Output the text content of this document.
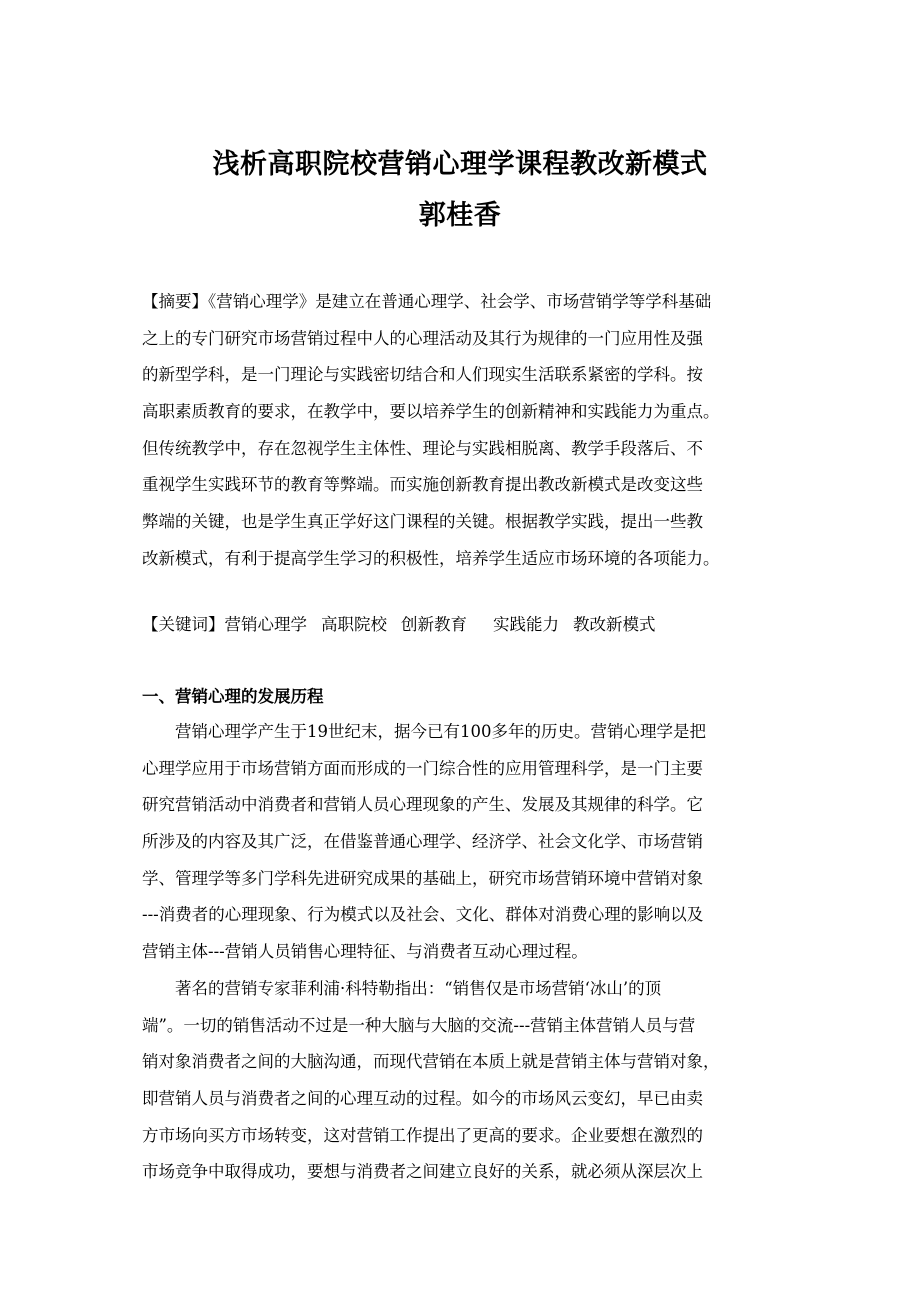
浅析高职院校营销心理学课程教改新模式
郭桂香
【摘要】《营销心理学》是建立在普通心理学、社会学、市场营销学等学科基础
之上的专门研究市场营销过程中人的心理活动及其行为规律的一门应用性及强
的新型学科，是一门理论与实践密切结合和人们现实生活联系紧密的学科。按
高职素质教育的要求，在教学中，要以培养学生的创新精神和实践能力为重点。
但传统教学中，存在忽视学生主体性、理论与实践相脱离、教学手段落后、不
重视学生实践环节的教育等弊端。而实施创新教育提出教改新模式是改变这些
弊端的关键，也是学生真正学好这门课程的关键。根据教学实践，提出一些教
改新模式，有利于提高学生学习的积极性，培养学生适应市场环境的各项能力。
【关键词】营销心理学 高职院校 创新教育 实践能力 教改新模式
一、营销心理的发展历程
营销心理学产生于19世纪末，据今已有100多年的历史。营销心理学是把
心理学应用于市场营销方面而形成的一门综合性的应用管理科学，是一门主要
研究营销活动中消费者和营销人员心理现象的产生、发展及其规律的科学。它
所涉及的内容及其广泛，在借鉴普通心理学、经济学、社会文化学、市场营销
学、管理学等多门学科先进研究成果的基础上，研究市场营销环境中营销对象
---消费者的心理现象、行为模式以及社会、文化、群体对消费心理的影响以及
营销主体---营销人员销售心理特征、与消费者互动心理过程。
著名的营销专家菲利浦·科特勒指出：“销售仅是市场营销‘冰山’的顶
端”。一切的销售活动不过是一种大脑与大脑的交流---营销主体营销人员与营
销对象消费者之间的大脑沟通，而现代营销在本质上就是营销主体与营销对象，
即营销人员与消费者之间的心理互动的过程。如今的市场风云变幻，早已由卖
方市场向买方市场转变，这对营销工作提出了更高的要求。企业要想在激烈的
市场竞争中取得成功，要想与消费者之间建立良好的关系，就必须从深层次上
